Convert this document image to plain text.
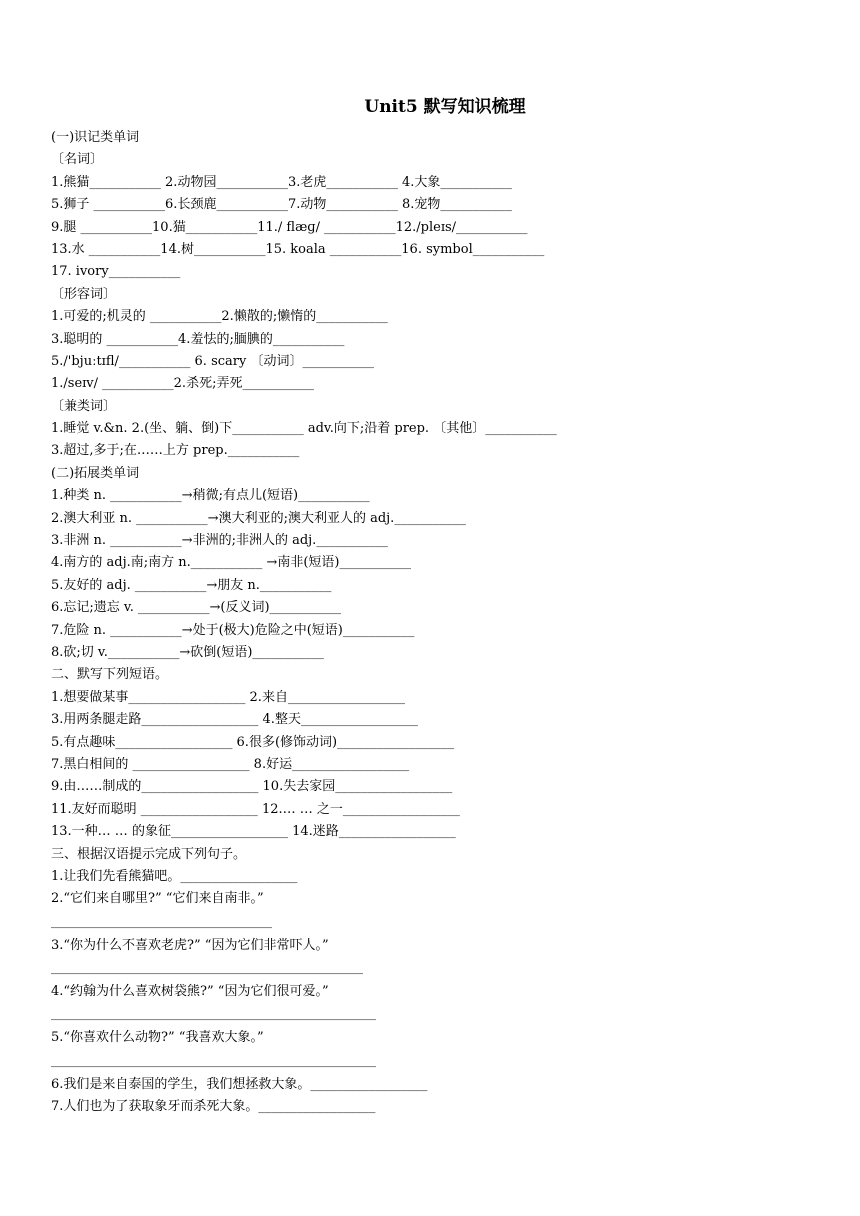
Unit5 默写知识梳理
(一)识记类单词
〔名词〕
1.熊猫___________ 2.动物园___________3.老虎___________ 4.大象___________
5.狮子 ___________6.长颈鹿___________7.动物___________ 8.宠物___________
9.腿 ___________10.猫___________11./ flæɡ/ ___________12./pleɪs/___________
13.水 ___________14.树___________15. koala ___________16. symbol___________
17. ivory___________
〔形容词〕
1.可爱的;机灵的 ___________2.懒散的;懒惰的___________
3.聪明的 ___________4.羞怯的;腼腆的___________
5./'bjuːtɪfl/___________ 6. scary 〔动词〕___________
1./seɪv/ ___________2.杀死;弄死___________
〔兼类词〕
1.睡觉 v.&n. 2.(坐、躺、倒)下___________ adv.向下;沿着 prep. 〔其他〕___________
3.超过,多于;在……上方 prep.___________
(二)拓展类单词
1.种类 n. ___________→稍微;有点儿(短语)___________
2.澳大利亚 n. ___________→澳大利亚的;澳大利亚人的 adj.___________
3.非洲 n. ___________→非洲的;非洲人的 adj.___________
4.南方的 adj.南;南方 n.___________ →南非(短语)___________
5.友好的 adj. ___________→朋友 n.___________
6.忘记;遗忘 v. ___________→(反义词)___________
7.危险 n. ___________→处于(极大)危险之中(短语)___________
8.砍;切 v.___________→砍倒(短语)___________
二、默写下列短语。
1.想要做某事__________________ 2.来自__________________
3.用两条腿走路__________________ 4.整天__________________
5.有点趣味__________________ 6.很多(修饰动词)__________________
7.黑白相间的 __________________ 8.好运__________________
9.由……制成的__________________ 10.失去家园__________________
11.友好而聪明 __________________ 12.… … 之一__________________
13.一种… … 的象征__________________ 14.迷路__________________
三、根据汉语提示完成下列句子。
1.让我们先看熊猫吧。__________________
2.“它们来自哪里?” “它们来自南非。”
__________________________________
3.“你为什么不喜欢老虎?” “因为它们非常吓人。”
________________________________________________
4.“约翰为什么喜欢树袋熊?” “因为它们很可爱。”
__________________________________________________
5.“你喜欢什么动物?” “我喜欢大象。”
__________________________________________________
6.我们是来自泰国的学生，我们想拯救大象。__________________
7.人们也为了获取象牙而杀死大象。__________________
